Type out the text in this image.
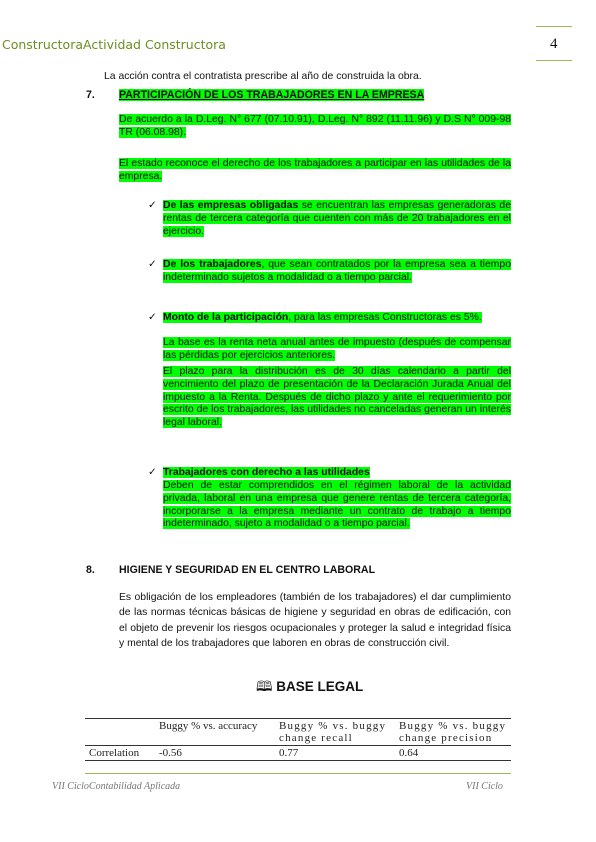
ConstructoraActividad Constructora	4
La acción contra el contratista prescribe al año de construida la obra.
7. PARTICIPACIÓN DE LOS TRABAJADORES EN LA EMPRESA
De acuerdo a la D.Leg. N° 677 (07.10.91), D.Leg. N° 892 (11.11.96) y D.S N° 009-98 TR (06.08.98).
El estado reconoce el derecho de los trabajadores a participar en las utilidades de la empresa.
✓ De las empresas obligadas se encuentran las empresas generadoras de rentas de tercera categoría que cuenten con más de 20 trabajadores en el ejercicio.
✓ De los trabajadores, que sean contratados por la empresa sea a tiempo indeterminado sujetos a modalidad o a tiempo parcial.
✓ Monto de la participación, para las empresas Constructoras es 5%.
La base es la renta neta anual antes de impuesto (después de compensar las pérdidas por ejercicios anteriores.
El plazo para la distribución es de 30 días calendario a partir del vencimiento del plazo de presentación de la Declaración Jurada Anual del impuesto a la Renta. Después de dicho plazo y ante el requerimiento por escrito de los trabajadores, las utilidades no canceladas generan un interés legal laboral.
✓ Trabajadores con derecho a las utilidades
Deben de estar comprendidos en el régimen laboral de la actividad privada, laboral en una empresa que genere rentas de tercera categoría, incorporarse a la empresa mediante un contrato de trabajo a tiempo indeterminado, sujeto a modalidad o a tiempo parcial.
8. HIGIENE Y SEGURIDAD EN EL CENTRO LABORAL
Es obligación de los empleadores (también de los trabajadores) el dar cumplimiento de las normas técnicas básicas de higiene y seguridad en obras de edificación, con el objeto de prevenir los riesgos ocupacionales y proteger la salud e integridad física y mental de los trabajadores que laboren en obras de construcción civil.
🕮 BASE LEGAL
	Buggy % vs. accuracy	Buggy % vs. buggy change recall	Buggy % vs. buggy change precision
Correlation	-0.56	0.77	0.64
VII CicloContabilidad Aplicada	VII Ciclo
